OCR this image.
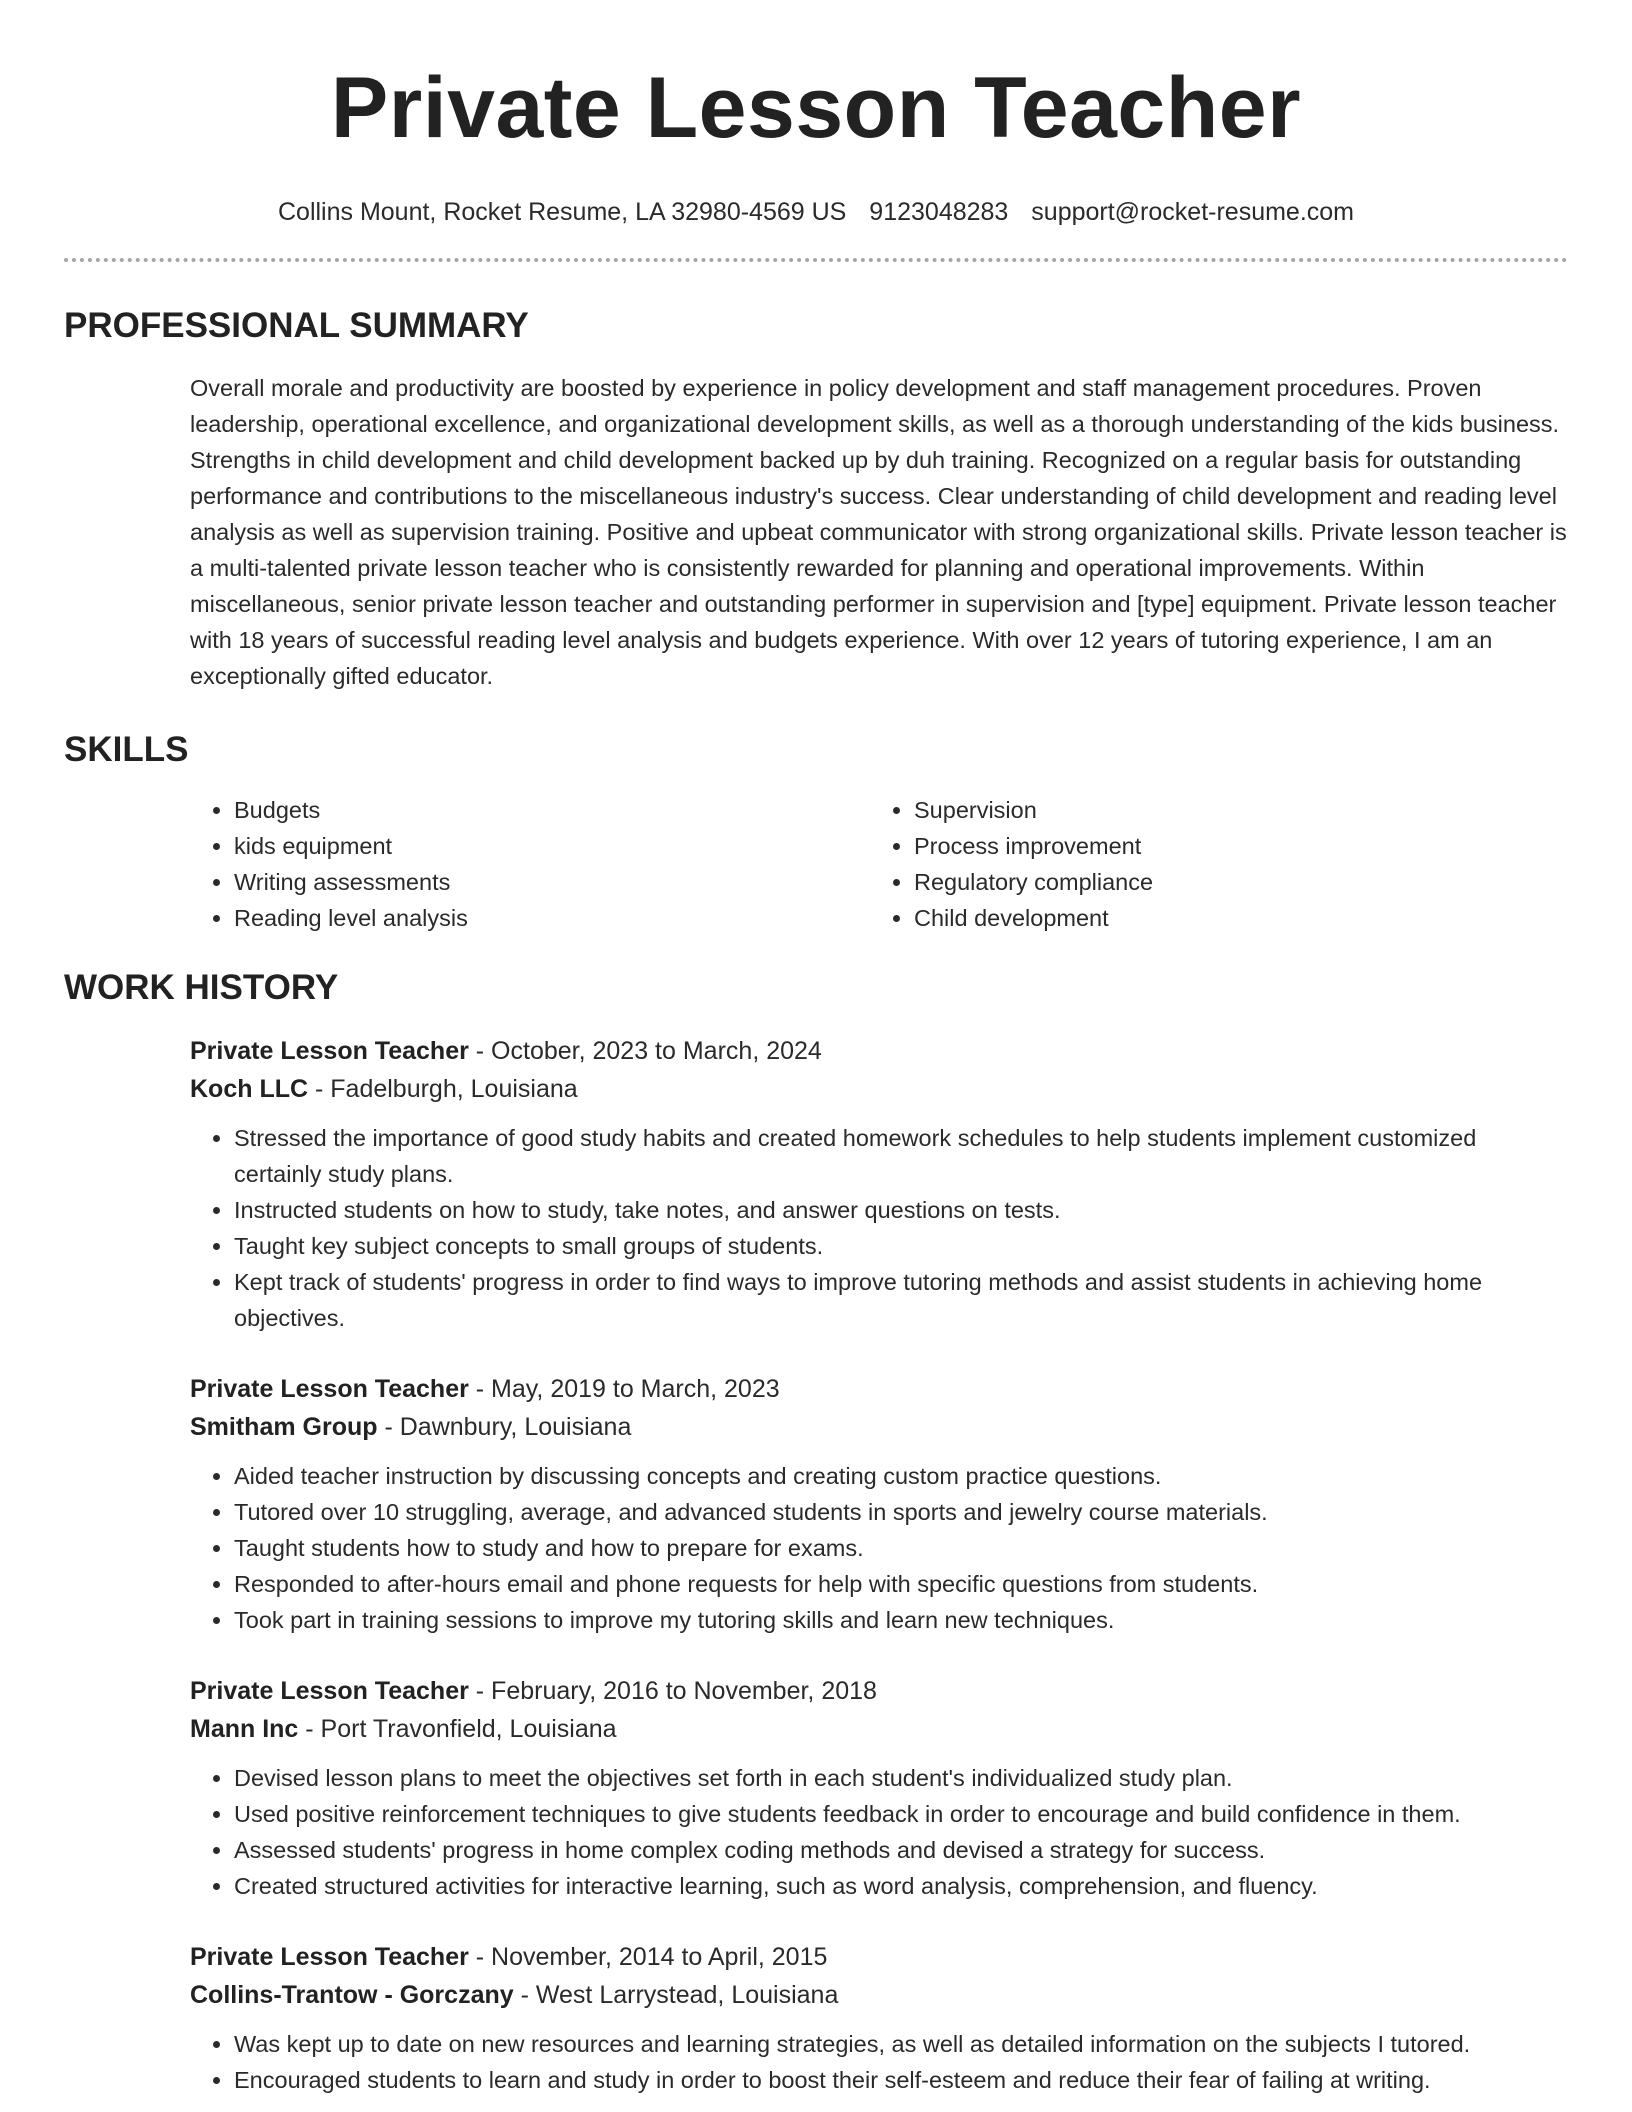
Private Lesson Teacher
Collins Mount, Rocket Resume, LA 32980-4569 US 9123048283 support@rocket-resume.com
PROFESSIONAL SUMMARY

Overall morale and productivity are boosted by experience in policy development and staff management procedures. Proven leadership, operational excellence, and organizational development skills, as well as a thorough understanding of the kids business. Strengths in child development and child development backed up by duh training. Recognized on a regular basis for outstanding performance and contributions to the miscellaneous industry's success. Clear understanding of child development and reading level analysis as well as supervision training. Positive and upbeat communicator with strong organizational skills. Private lesson teacher is a multi-talented private lesson teacher who is consistently rewarded for planning and operational improvements. Within miscellaneous, senior private lesson teacher and outstanding performer in supervision and [type] equipment. Private lesson teacher with 18 years of successful reading level analysis and budgets experience. With over 12 years of tutoring experience, I am an exceptionally gifted educator.

SKILLS
• Budgets
• kids equipment
• Writing assessments
• Reading level analysis
• Supervision
• Process improvement
• Regulatory compliance
• Child development
WORK HISTORY
Private Lesson Teacher - October, 2023 to March, 2024
Koch LLC - Fadelburgh, Louisiana
• Stressed the importance of good study habits and created homework schedules to help students implement customized certainly study plans.
• Instructed students on how to study, take notes, and answer questions on tests.
• Taught key subject concepts to small groups of students.
• Kept track of students' progress in order to find ways to improve tutoring methods and assist students in achieving home objectives.
Private Lesson Teacher - May, 2019 to March, 2023
Smitham Group - Dawnbury, Louisiana
• Aided teacher instruction by discussing concepts and creating custom practice questions.
• Tutored over 10 struggling, average, and advanced students in sports and jewelry course materials.
• Taught students how to study and how to prepare for exams.
• Responded to after-hours email and phone requests for help with specific questions from students.
• Took part in training sessions to improve my tutoring skills and learn new techniques.
Private Lesson Teacher - February, 2016 to November, 2018
Mann Inc - Port Travonfield, Louisiana
• Devised lesson plans to meet the objectives set forth in each student's individualized study plan.
• Used positive reinforcement techniques to give students feedback in order to encourage and build confidence in them.
• Assessed students' progress in home complex coding methods and devised a strategy for success.
• Created structured activities for interactive learning, such as word analysis, comprehension, and fluency.
Private Lesson Teacher - November, 2014 to April, 2015
Collins-Trantow - Gorczany - West Larrystead, Louisiana
• Was kept up to date on new resources and learning strategies, as well as detailed information on the subjects I tutored.
• Encouraged students to learn and study in order to boost their self-esteem and reduce their fear of failing at writing.
